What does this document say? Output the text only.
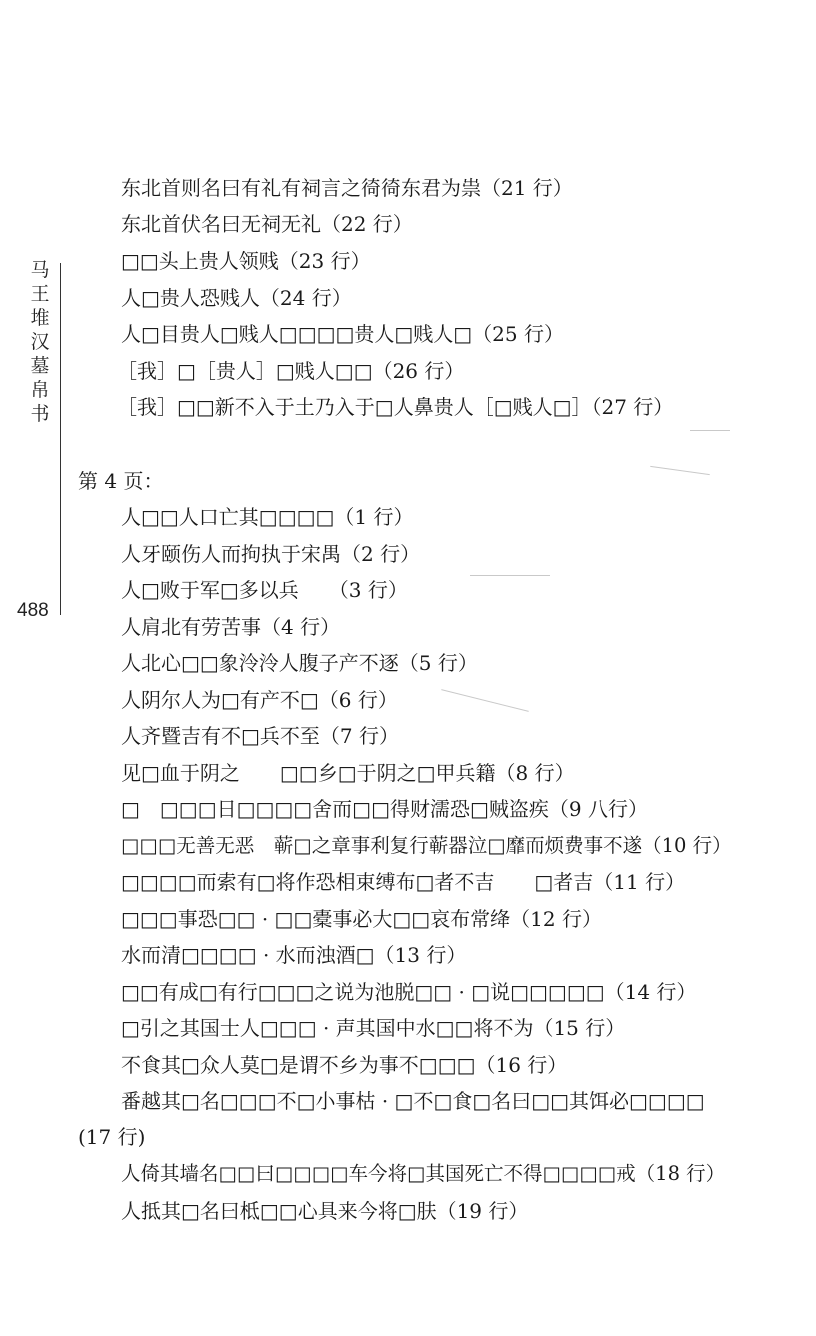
马
王
堆
汉
墓
帛
书
488
东北首则名曰有礼有祠言之徛徛东君为祟（21 行）
东北首伏名曰无祠无礼（22 行）
□□头上贵人领贱（23 行）
人□贵人恐贱人（24 行）
人□目贵人□贱人□□□□贵人□贱人□（25 行）
［我］□［贵人］□贱人□□（26 行）
［我］□□新不入于土乃入于□人鼻贵人［□贱人□］（27 行）
第 4 页：
人□□人口亡其□□□□（1 行）
人牙颐伤人而拘执于宋禺（2 行）
人□败于军□多以兵　　（3 行）
人肩北有劳苦事（4 行）
人北心□□象泠泠人腹子产不逐（5 行）
人阴尔人为□有产不□（6 行）
人齐暨吉有不□兵不至（7 行）
见□血于阴之　　□□乡□于阴之□甲兵籍（8 行）
□　□□□日□□□□舍而□□得财濡恐□贼盗疾（9 八行）
□□□无善无恶　蕲□之章事利复行蕲器泣□靡而烦费事不遂（10 行）
□□□□而索有□将作恐相束缚布□者不吉　　□者吉（11 行）
□□□事恐□□ · □□橐事必大□□哀布常绛（12 行）
水而清□□□□ · 水而浊酒□（13 行）
□□有成□有行□□□之说为池脱□□ · □说□□□□□（14 行）
□引之其国士人□□□ · 声其国中水□□将不为（15 行）
不食其□众人莫□是谓不乡为事不□□□（16 行）
番越其□名□□□不□小事枯 · □不□食□名曰□□其饵必□□□□
(17 行)
人倚其墙名□□曰□□□□车今将□其国死亡不得□□□□戒（18 行）
人抵其□名曰柢□□心具来今将□肤（19 行）
